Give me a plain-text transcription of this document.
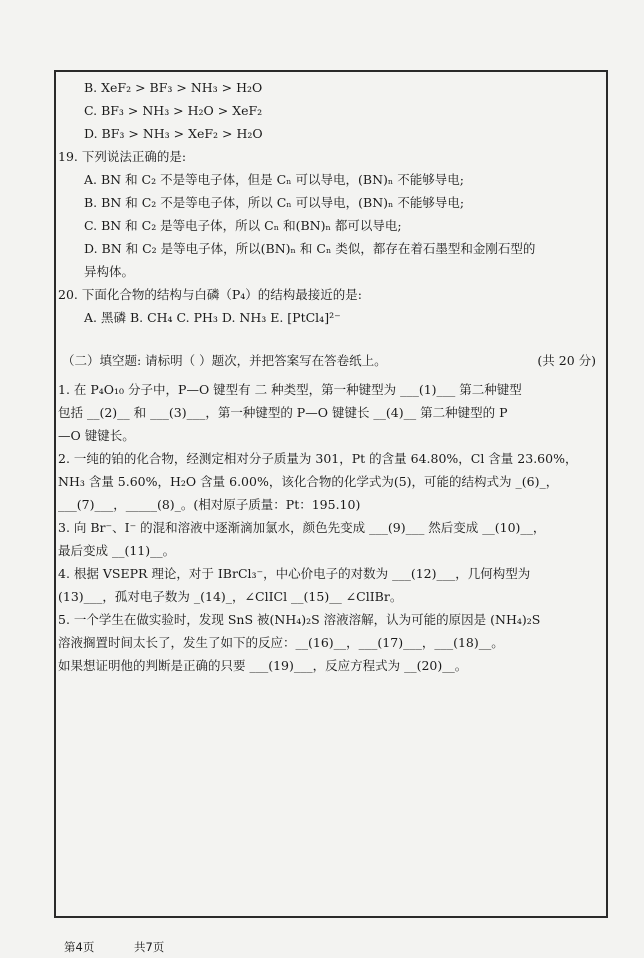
B. XeF₂ > BF₃ > NH₃ > H₂O
C. BF₃ > NH₃ > H₂O > XeF₂
D. BF₃ > NH₃ > XeF₂ > H₂O
19. 下列说法正确的是:
A. BN 和 C₂ 不是等电子体，但是 Cₙ 可以导电，(BN)ₙ 不能够导电;
B. BN 和 C₂ 不是等电子体，所以 Cₙ 可以导电，(BN)ₙ 不能够导电;
C. BN 和 C₂ 是等电子体，所以 Cₙ 和(BN)ₙ 都可以导电;
D. BN 和 C₂ 是等电子体，所以(BN)ₙ 和 Cₙ 类似，都存在着石墨型和金刚石型的
异构体。
20. 下面化合物的结构与白磷（P₄）的结构最接近的是:
A. 黑磷 B. CH₄ C. PH₃ D. NH₃ E. [PtCl₄]²⁻
（二）填空题: 请标明（ ）题次，并把答案写在答卷纸上。	(共 20 分)
1. 在 P₄O₁₀ 分子中，P—O 键型有 二 种类型，第一种键型为 ___(1)___ 第二种键型
包括 __(2)__ 和 ___(3)___，第一种键型的 P—O 键键长 __(4)__ 第二种键型的 P
—O 键键长。
2. 一纯的铂的化合物，经测定相对分子质量为 301，Pt 的含量 64.80%，Cl 含量 23.60%，
NH₃ 含量 5.60%，H₂O 含量 6.00%，该化合物的化学式为(5)，可能的结构式为 _(6)_，
___(7)___，_____(8)_。(相对原子质量：Pt：195.10)
3. 向 Br⁻、I⁻ 的混和溶液中逐渐滴加氯水，颜色先变成 ___(9)___ 然后变成 __(10)__，
最后变成 __(11)__。
4. 根据 VSEPR 理论，对于 IBrCl₃⁻，中心价电子的对数为 ___(12)___，几何构型为
(13)___，孤对电子数为 _(14)_，∠ClICl __(15)__ ∠ClIBr。
5. 一个学生在做实验时，发现 SnS 被(NH₄)₂S 溶液溶解，认为可能的原因是 (NH₄)₂S
溶液搁置时间太长了，发生了如下的反应：__(16)__，___(17)___，___(18)__。
如果想证明他的判断是正确的只要 ___(19)___，反应方程式为 __(20)__。
第4页	共7页
